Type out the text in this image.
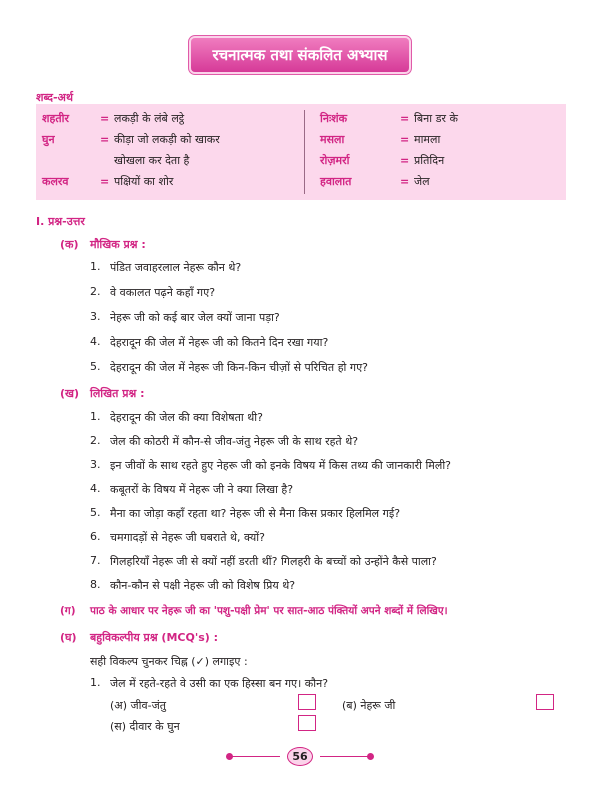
रचनात्मक तथा संकलित अभ्यास
शब्द-अर्थ
शहतीर	= लकड़ी के लंबे लट्ठे
घुन	= कीड़ा जो लकड़ी को खाकर
खोखला कर देता है
कलरव	= पक्षियों का शोर
निःशंक	= बिना डर के
मसला	= मामला
रोज़मर्रा	= प्रतिदिन
हवालात	= जेल
I. प्रश्न-उत्तर
(क) मौखिक प्रश्न :
1. पंडित जवाहरलाल नेहरू कौन थे?
2. वे वकालत पढ़ने कहाँ गए?
3. नेहरू जी को कई बार जेल क्यों जाना पड़ा?
4. देहरादून की जेल में नेहरू जी को कितने दिन रखा गया?
5. देहरादून की जेल में नेहरू जी किन-किन चीज़ों से परिचित हो गए?
(ख) लिखित प्रश्न :
1. देहरादून की जेल की क्या विशेषता थी?
2. जेल की कोठरी में कौन-से जीव-जंतु नेहरू जी के साथ रहते थे?
3. इन जीवों के साथ रहते हुए नेहरू जी को इनके विषय में किस तथ्य की जानकारी मिली?
4. कबूतरों के विषय में नेहरू जी ने क्या लिखा है?
5. मैना का जोड़ा कहाँ रहता था? नेहरू जी से मैना किस प्रकार हिलमिल गई?
6. चमगादड़ों से नेहरू जी घबराते थे, क्यों?
7. गिलहरियाँ नेहरू जी से क्यों नहीं डरती थीं? गिलहरी के बच्चों को उन्होंने कैसे पाला?
8. कौन-कौन से पक्षी नेहरू जी को विशेष प्रिय थे?
(ग) पाठ के आधार पर नेहरू जी का 'पशु-पक्षी प्रेम' पर सात-आठ पंक्तियों अपने शब्दों में लिखिए।
(घ) बहुविकल्पीय प्रश्न (MCQ's) :
सही विकल्प चुनकर चिह्न (✓) लगाइए :
1. जेल में रहते-रहते वे उसी का एक हिस्सा बन गए। कौन?
(अ) जीव-जंतु	(ब) नेहरू जी
(स) दीवार के घुन
56
